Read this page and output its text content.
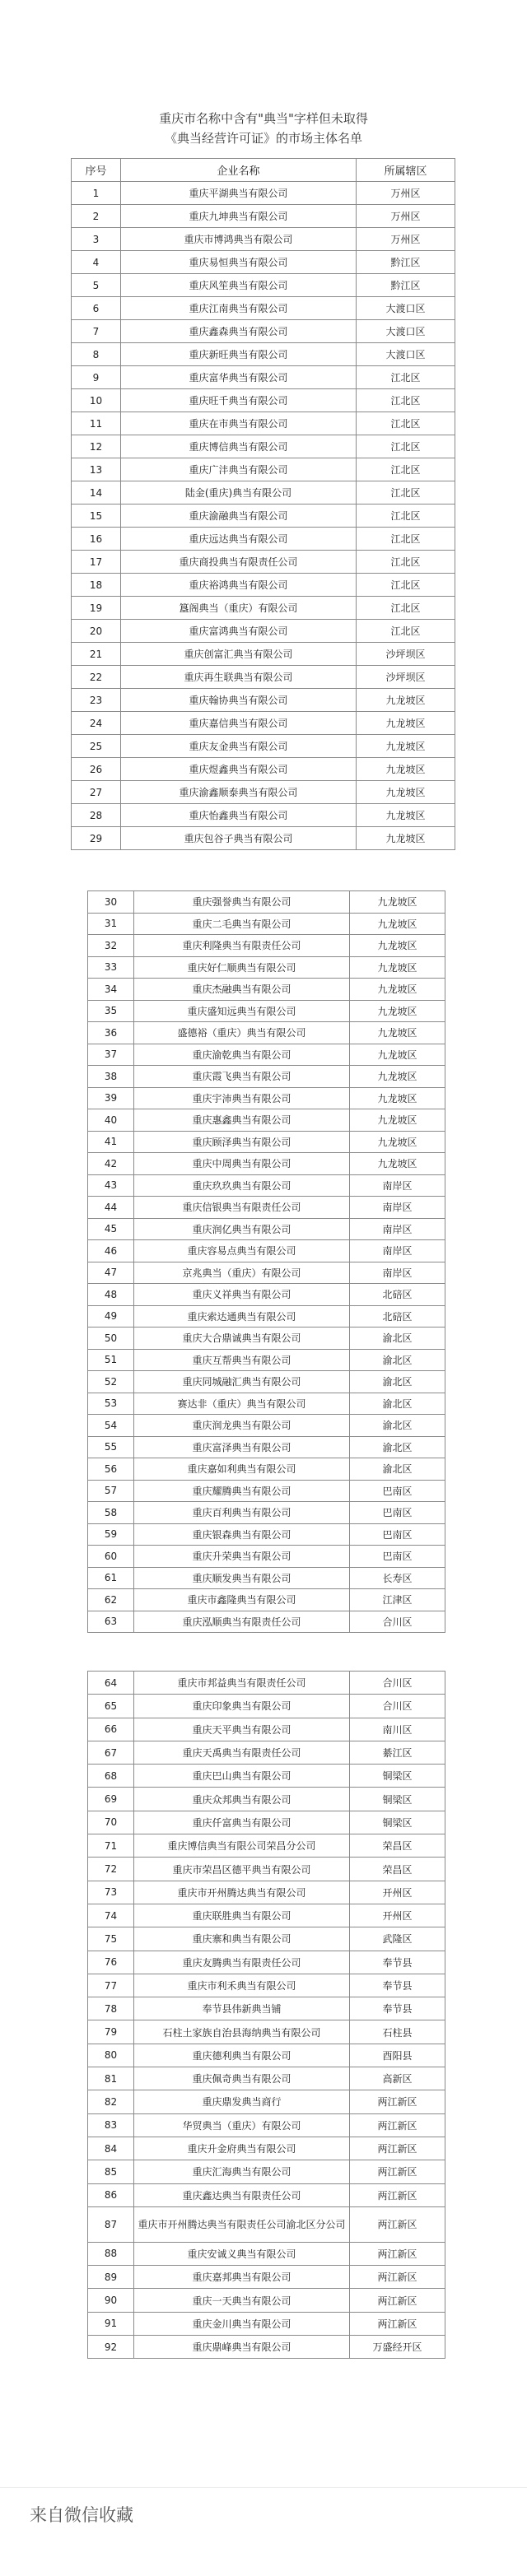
重庆市名称中含有"典当"字样但未取得
《典当经营许可证》的市场主体名单
序号	企业名称	所属辖区
1	重庆平湖典当有限公司	万州区
2	重庆九坤典当有限公司	万州区
3	重庆市博鸿典当有限公司	万州区
4	重庆易恒典当有限公司	黔江区
5	重庆风笙典当有限公司	黔江区
6	重庆江南典当有限公司	大渡口区
7	重庆鑫森典当有限公司	大渡口区
8	重庆新旺典当有限公司	大渡口区
9	重庆富华典当有限公司	江北区
10	重庆旺千典当有限公司	江北区
11	重庆在市典当有限公司	江北区
12	重庆博信典当有限公司	江北区
13	重庆广沣典当有限公司	江北区
14	陆金(重庆)典当有限公司	江北区
15	重庆渝融典当有限公司	江北区
16	重庆远达典当有限公司	江北区
17	重庆商投典当有限责任公司	江北区
18	重庆裕鸿典当有限公司	江北区
19	簋阁典当（重庆）有限公司	江北区
20	重庆富鸿典当有限公司	江北区
21	重庆创富汇典当有限公司	沙坪坝区
22	重庆再生联典当有限公司	沙坪坝区
23	重庆翰协典当有限公司	九龙坡区
24	重庆嘉信典当有限公司	九龙坡区
25	重庆友金典当有限公司	九龙坡区
26	重庆煜鑫典当有限公司	九龙坡区
27	重庆渝鑫顺泰典当有限公司	九龙坡区
28	重庆怡鑫典当有限公司	九龙坡区
29	重庆包谷子典当有限公司	九龙坡区
30	重庆强誉典当有限公司	九龙坡区
31	重庆二毛典当有限公司	九龙坡区
32	重庆利隆典当有限责任公司	九龙坡区
33	重庆好仁顺典当有限公司	九龙坡区
34	重庆杰融典当有限公司	九龙坡区
35	重庆盛知远典当有限公司	九龙坡区
36	盛德裕（重庆）典当有限公司	九龙坡区
37	重庆渝乾典当有限公司	九龙坡区
38	重庆霞飞典当有限公司	九龙坡区
39	重庆宇沛典当有限公司	九龙坡区
40	重庆惠鑫典当有限公司	九龙坡区
41	重庆顾泽典当有限公司	九龙坡区
42	重庆中周典当有限公司	九龙坡区
43	重庆玖玖典当有限公司	南岸区
44	重庆信银典当有限责任公司	南岸区
45	重庆润亿典当有限公司	南岸区
46	重庆容易点典当有限公司	南岸区
47	京兆典当（重庆）有限公司	南岸区
48	重庆义祥典当有限公司	北碚区
49	重庆索达通典当有限公司	北碚区
50	重庆大合鼎诚典当有限公司	渝北区
51	重庆互帮典当有限公司	渝北区
52	重庆同城融汇典当有限公司	渝北区
53	赛达非（重庆）典当有限公司	渝北区
54	重庆润龙典当有限公司	渝北区
55	重庆富泽典当有限公司	渝北区
56	重庆嘉如利典当有限公司	渝北区
57	重庆耀腾典当有限公司	巴南区
58	重庆百利典当有限公司	巴南区
59	重庆银森典当有限公司	巴南区
60	重庆升荣典当有限公司	巴南区
61	重庆顺发典当有限公司	长寿区
62	重庆市鑫隆典当有限公司	江津区
63	重庆泓顺典当有限责任公司	合川区
64	重庆市邦益典当有限责任公司	合川区
65	重庆印象典当有限公司	合川区
66	重庆天平典当有限公司	南川区
67	重庆天禹典当有限责任公司	綦江区
68	重庆巴山典当有限公司	铜梁区
69	重庆众邦典当有限公司	铜梁区
70	重庆仟富典当有限公司	铜梁区
71	重庆博信典当有限公司荣昌分公司	荣昌区
72	重庆市荣昌区德平典当有限公司	荣昌区
73	重庆市开州腾达典当有限公司	开州区
74	重庆联胜典当有限公司	开州区
75	重庆寨和典当有限公司	武隆区
76	重庆友腾典当有限责任公司	奉节县
77	重庆市利禾典当有限公司	奉节县
78	奉节县伟新典当铺	奉节县
79	石柱土家族自治县海纳典当有限公司	石柱县
80	重庆德利典当有限公司	酉阳县
81	重庆佩奇典当有限公司	高新区
82	重庆鼎发典当商行	两江新区
83	华贸典当（重庆）有限公司	两江新区
84	重庆升金府典当有限公司	两江新区
85	重庆汇海典当有限公司	两江新区
86	重庆鑫达典当有限责任公司	两江新区
87	重庆市开州腾达典当有限责任公司渝北区分公司	两江新区
88	重庆安诚义典当有限公司	两江新区
89	重庆嘉邦典当有限公司	两江新区
90	重庆一天典当有限公司	两江新区
91	重庆金川典当有限公司	两江新区
92	重庆鼎峰典当有限公司	万盛经开区
来自微信收藏
